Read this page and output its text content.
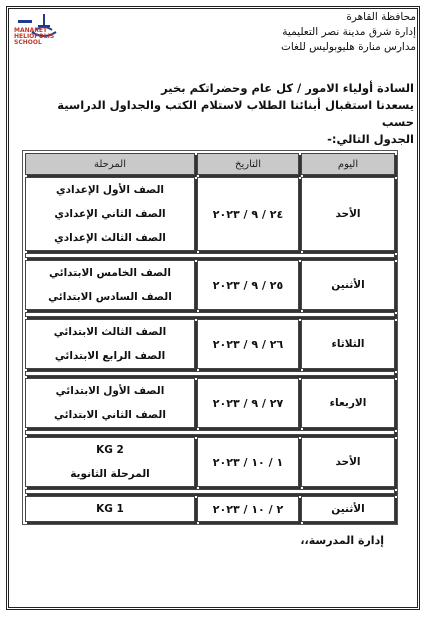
MANARET
HELIOPOLIS SCHOOL
محافظة القاهرة
إدارة شرق مدينة نصر التعليمية
مدارس منارة هليوبوليس للغات
السادة أولياء الامور / كل عام وحضراتكم بخير
يسعدنا استقبال أبنائنا الطلاب لاستلام الكتب والجداول الدراسية حسب
الجدول التالي:-
اليوم	التاريخ	المرحلة
الأحد	٢٤ / ٩ / ٢٠٢٣	الصف الأول الإعدادي
الصف الثاني الإعدادي
الصف الثالث الإعدادي

الأثنين	٢٥ / ٩ / ٢٠٢٣	الصف الخامس الابتدائي
الصف السادس الابتدائي

الثلاثاء	٢٦ / ٩ / ٢٠٢٣	الصف الثالث الابتدائي
الصف الرابع الابتدائي

الاربعاء	٢٧ / ٩ / ٢٠٢٣	الصف الأول الابتدائي
الصف الثاني الابتدائي

الأحد	١ / ١٠ / ٢٠٢٣	KG 2
المرحلة الثانوية

الأثنين	٢ / ١٠ / ٢٠٢٣	KG 1
إدارة المدرسة،،
